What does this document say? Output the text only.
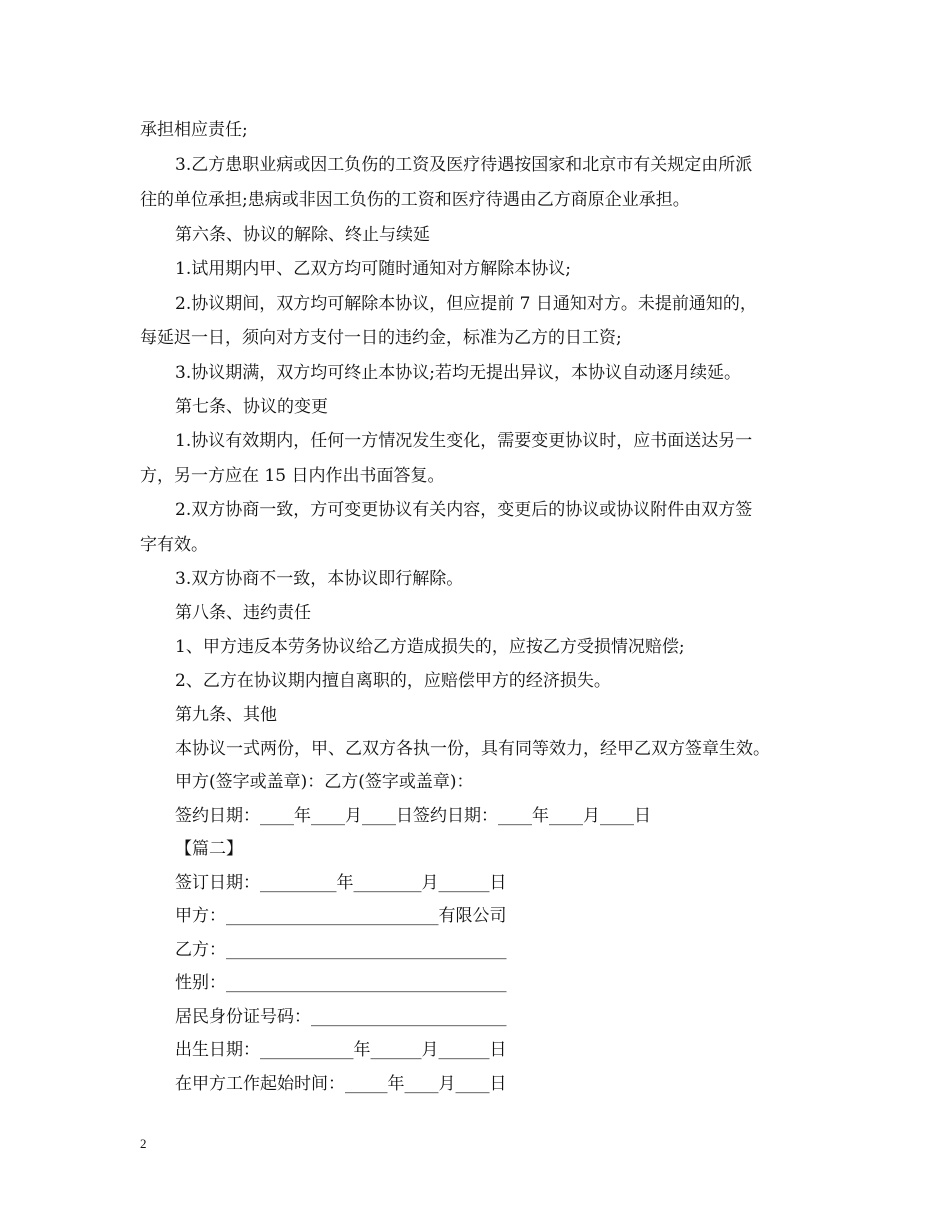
承担相应责任;
3.乙方患职业病或因工负伤的工资及医疗待遇按国家和北京市有关规定由所派
往的单位承担;患病或非因工负伤的工资和医疗待遇由乙方商原企业承担。
第六条、协议的解除、终止与续延
1.试用期内甲、乙双方均可随时通知对方解除本协议;
2.协议期间，双方均可解除本协议，但应提前 7 日通知对方。未提前通知的，
每延迟一日，须向对方支付一日的违约金，标准为乙方的日工资;
3.协议期满，双方均可终止本协议;若均无提出异议，本协议自动逐月续延。
第七条、协议的变更
1.协议有效期内，任何一方情况发生变化，需要变更协议时，应书面送达另一
方，另一方应在 15 日内作出书面答复。
2.双方协商一致，方可变更协议有关内容，变更后的协议或协议附件由双方签
字有效。
3.双方协商不一致，本协议即行解除。
第八条、违约责任
1、甲方违反本劳务协议给乙方造成损失的，应按乙方受损情况赔偿;
2、乙方在协议期内擅自离职的，应赔偿甲方的经济损失。
第九条、其他
本协议一式两份，甲、乙双方各执一份，具有同等效力，经甲乙双方签章生效。
甲方(签字或盖章)：乙方(签字或盖章)：
签约日期：____年____月____日签约日期：____年____月____日
【篇二】
签订日期：_________年________月______日
甲方：_________________________有限公司
乙方：_________________________________
性别：_________________________________
居民身份证号码：_______________________
出生日期：___________年______月______日
在甲方工作起始时间：_____年____月____日
2
